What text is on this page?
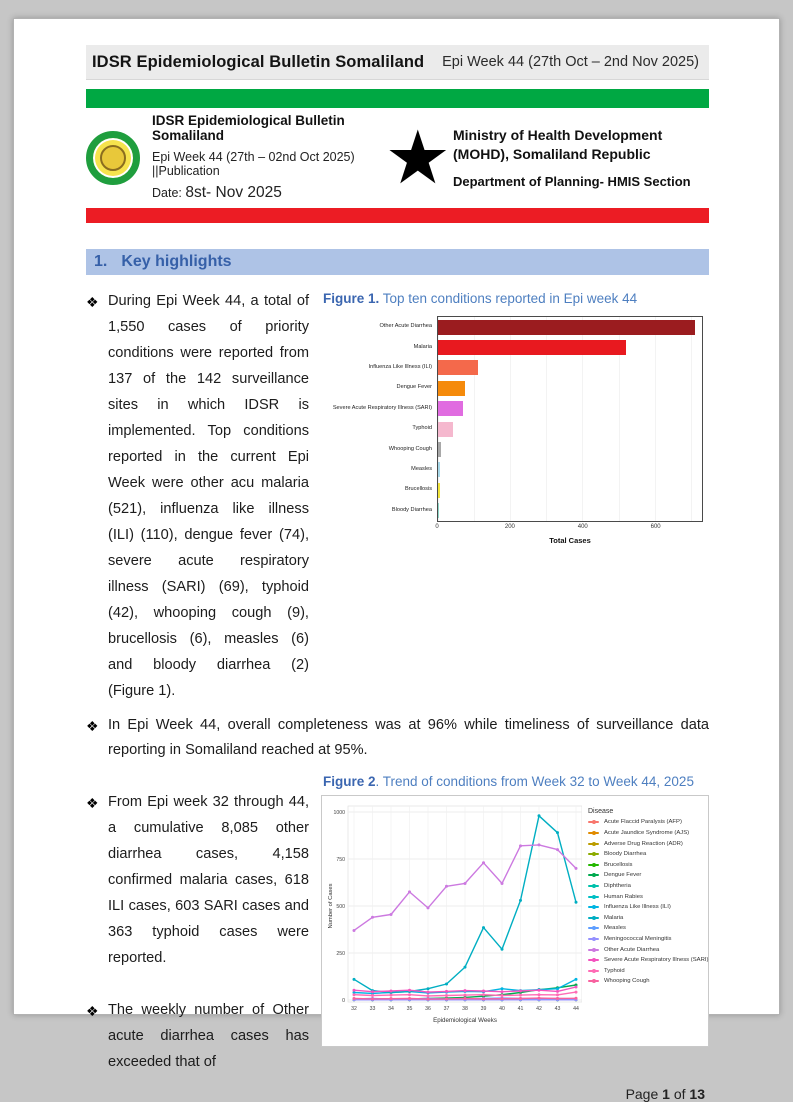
IDSR Epidemiological Bulletin Somaliland Epi Week 44 (27th Oct – 2nd Nov 2025)
IDSR Epidemiological Bulletin Somaliland
Epi Week 44 (27th – 02nd Oct 2025) ||Publication
Date: 8st- Nov 2025	★ Ministry of Health Development (MOHD), Somaliland Republic
Department of Planning- HMIS Section
1. Key highlights
Figure 1. Top ten conditions reported in Epi week 44
Other Acute Diarrhea
Malaria
Influenza Like Illness (ILI)
Dengue Fever
Severe Acute Respiratory Illness (SARI)
Typhoid
Whooping Cough
Measles
Brucellosis
Bloody Diarrhea
0	200	400	600
Total Cases
❖ During Epi Week 44, a total of 1,550 cases of priority conditions were reported from 137 of the 142 surveillance sites in which IDSR is implemented. Top conditions reported in the current Epi Week were other acu malaria (521), influenza like illness (ILI) (110), dengue fever (74), severe acute respiratory illness (SARI) (69), typhoid (42), whooping cough (9), brucellosis (6), measles (6) and bloody diarrhea (2) (Figure 1).
❖ In Epi Week 44, overall completeness was at 96% while timeliness of surveillance data reporting in Somaliland reached at 95%.
Figure 2. Trend of conditions from Week 32 to Week 44, 2025
0
250
500
750
1000
32 33 34 35 36 37 38 39 40 41 42 43 44
Epidemiological Weeks
Number of Cases
Disease
Acute Flaccid Paralysis (AFP)
Acute Jaundice Syndrome (AJS)
Adverse Drug Reaction (ADR)
Bloody Diarrhea
Brucellosis
Dengue Fever
Diphtheria
Human Rabies
Influenza Like Illness (ILI)
Malaria
Measles
Meningococcal Meningitis
Other Acute Diarrhea
Severe Acute Respiratory Illness (SARI)
Typhoid
Whooping Cough
❖ From Epi week 32 through 44, a cumulative 8,085 other diarrhea cases, 4,158 confirmed malaria cases, 618 ILI cases, 603 SARI cases and 363 typhoid cases were reported.
❖ The weekly number of Other acute diarrhea cases has exceeded that of
Page 1 of 13
